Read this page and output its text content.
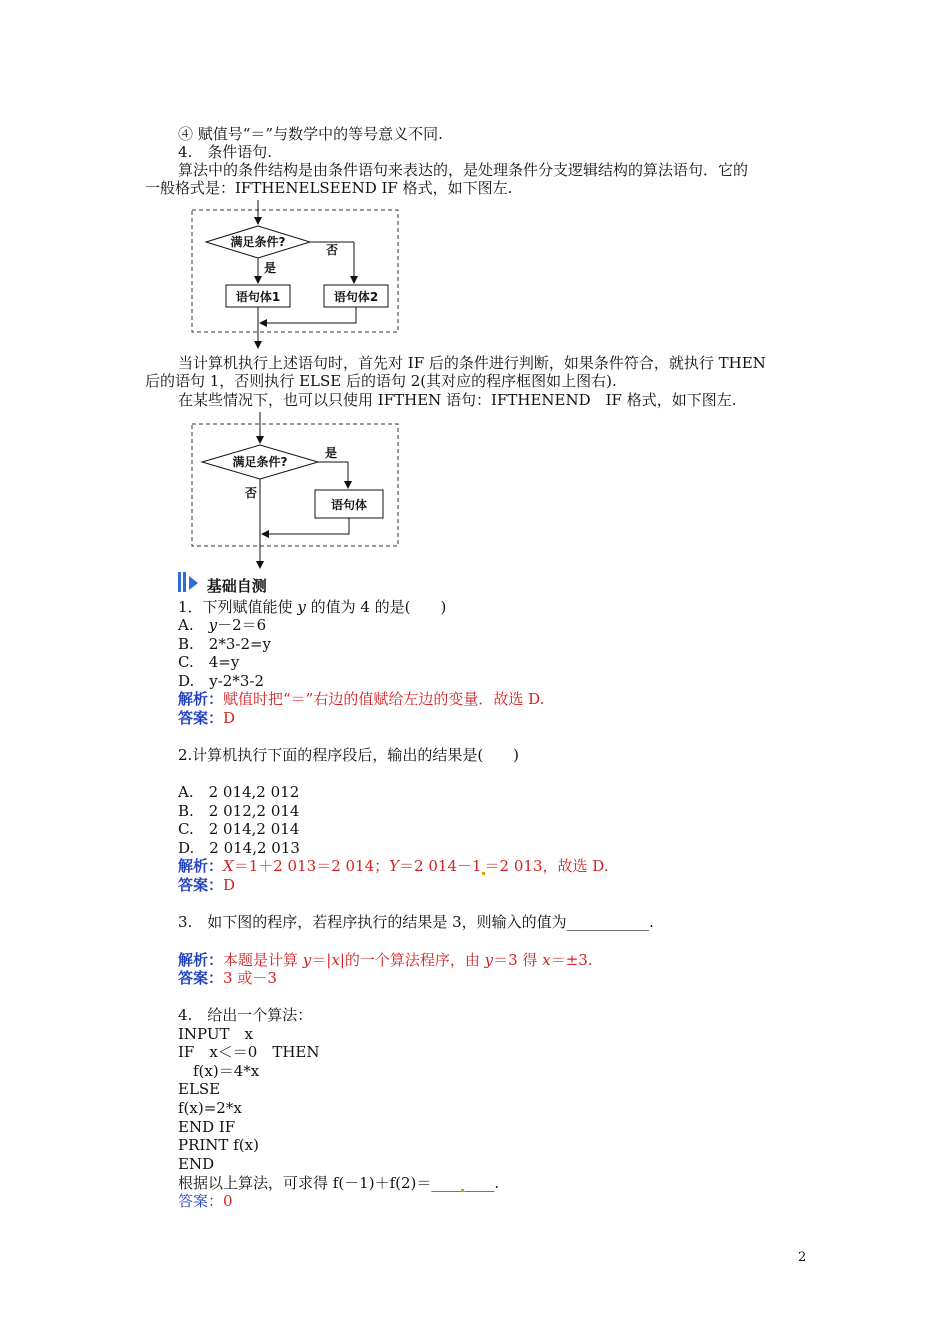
④ 赋值号“＝”与数学中的等号意义不同.
4.　条件语句.
算法中的条件结构是由条件语句来表达的，是处理条件分支逻辑结构的算法语句．它的
一般格式是：IFTHENELSEEND IF 格式，如下图左.
满足条件?
是
否
语句体1	语句体2
当计算机执行上述语句时，首先对 IF 后的条件进行判断，如果条件符合，就执行 THEN
后的语句 1，否则执行 ELSE 后的语句 2(其对应的程序框图如上图右).
在某些情况下，也可以只使用 IFTHEN 语句：IFTHENEND　IF 格式，如下图左.
满足条件?
是
语句体
否
基础自测
1．下列赋值能使 y 的值为 4 的是(　　)
A.　y－2＝6
B.　2*3-2=y
C.　4=y
D.　y-2*3-2
解析：赋值时把“＝”右边的值赋给左边的变量．故选 D.
答案：D
2.计算机执行下面的程序段后，输出的结果是(　　)
A.　2 014,2 012
B.　2 012,2 014
C.　2 014,2 014
D.　2 014,2 013
解析：X＝1＋2 013＝2 014；Y＝2 014－1 ＝2 013，故选 D.
答案：D
3.　如下图的程序，若程序执行的结果是 3，则输入的值为___________.
解析：本题是计算 y＝|x|的一个算法程序，由 y＝3 得 x＝±3.
答案：3 或－3
4.　给出一个算法：
INPUT　x
IF　x＜＝0　THEN
　f(x)＝4*x
ELSE
f(x)=2*x
END IF
PRINT f(x)
END
根据以上算法，可求得 f(－1)＋f(2)＝____ ____.
答案：0
2
